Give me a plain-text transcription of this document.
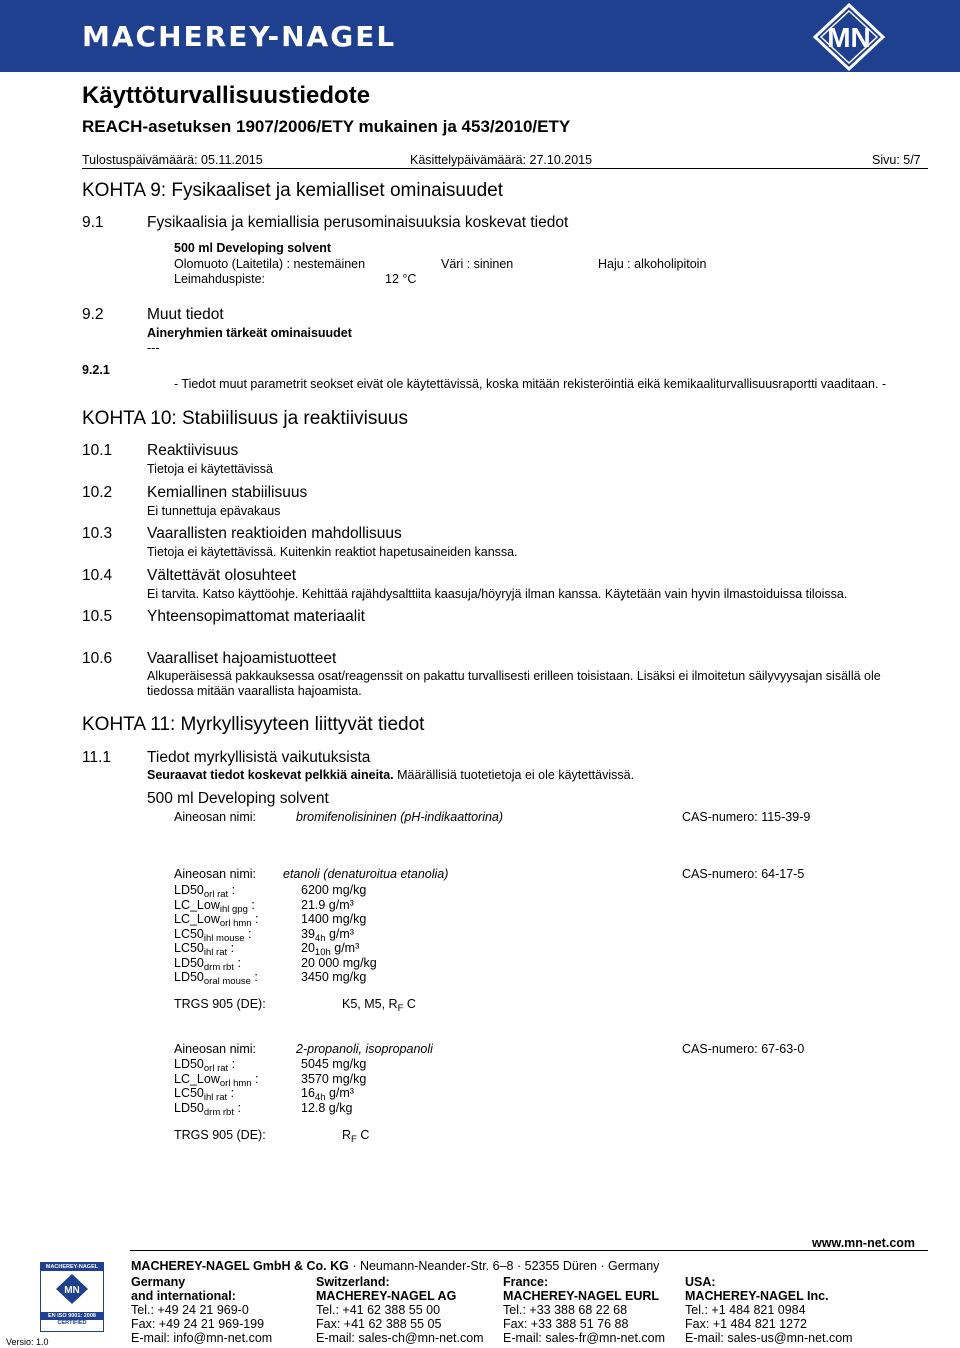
MACHEREY-NAGEL	MN
Käyttöturvallisuustiedote
REACH-asetuksen 1907/2006/ETY mukainen ja 453/2010/ETY
Tulostuspäivämäärä: 05.11.2015	Käsittelypäivämäärä: 27.10.2015	Sivu: 5/7
KOHTA 9: Fysikaaliset ja kemialliset ominaisuudet
9.1	Fysikaalisia ja kemiallisia perusominaisuuksia koskevat tiedot
500 ml Developing solvent
Olomuoto (Laitetila) : nestemäinen	Väri : sininen	Haju : alkoholipitoin
Leimahduspiste:	12 °C
9.2	Muut tiedot
Aineryhmien tärkeät ominaisuudet
---
9.2.1
- Tiedot muut parametrit seokset eivät ole käytettävissä, koska mitään rekisteröintiä eikä kemikaaliturvallisuusraportti vaaditaan. -
KOHTA 10: Stabiilisuus ja reaktiivisuus
10.1 Reaktiivisuus
Tietoja ei käytettävissä
10.2 Kemiallinen stabiilisuus
Ei tunnettuja epävakaus
10.3 Vaarallisten reaktioiden mahdollisuus
Tietoja ei käytettävissä. Kuitenkin reaktiot hapetusaineiden kanssa.
10.4 Vältettävät olosuhteet
Ei tarvita. Katso käyttöohje. Kehittää rajähdysalttiita kaasuja/höyryjä ilman kanssa. Käytetään vain hyvin ilmastoiduissa tiloissa.
10.5 Yhteensopimattomat materiaalit
10.6 Vaaralliset hajoamistuotteet
Alkuperäisessä pakkauksessa osat/reagenssit on pakattu turvallisesti erilleen toisistaan. Lisäksi ei ilmoitetun säilyvyysajan sisällä ole
tiedossa mitään vaarallista hajoamista.
KOHTA 11: Myrkyllisyyteen liittyvät tiedot
11.1 Tiedot myrkyllisistä vaikutuksista
Seuraavat tiedot koskevat pelkkiä aineita. Määrällisiä tuotetietoja ei ole käytettävissä.
500 ml Developing solvent
Aineosan nimi:	bromifenolisininen (pH-indikaattorina)	CAS-numero: 115-39-9
Aineosan nimi: etanoli (denaturoitua etanolia)	CAS-numero: 64-17-5
$LD50_{orl rat}$ :	6200 mg/kg
LC_Low$_{ihl gpg}$ :	21.9 g/m³
LC_Low$_{orl hmn}$ :	1400 mg/kg
$LC50_{ihl mouse}$ :	$39_{4h}$ g/m³
$LC50_{ihl rat}$ :	$20_{10h}$ g/m³
$LD50_{drm rbt}$ :	20 000 mg/kg
$LD50_{oral mouse}$ :	3450 mg/kg
TRGS 905 (DE):	K5, M5, $R_F$ C
Aineosan nimi:	2-propanoli, isopropanoli	CAS-numero: 67-63-0
$LD50_{orl rat}$ :	5045 mg/kg
LC_Low$_{orl hmn}$ :	3570 mg/kg
$LC50_{ihl rat}$ :	$16_{4h}$ g/m³
$LD50_{drm rbt}$ :	12.8 g/kg
TRGS 905 (DE):	$R_F$ C
www.mn-net.com
MACHEREY-NAGEL GmbH & Co. KG · Neumann-Neander-Str. 6–8 · 52355 Düren · Germany
MACHEREY-NAGEL
MN
EN ISO 9001: 2008
CERTIFIED
Versio: 1.0
Germany
and international:
Tel.: +49 24 21 969-0
Fax: +49 24 21 969-199
E-mail: info@mn-net.com
Switzerland:
MACHEREY-NAGEL AG
Tel.: +41 62 388 55 00
Fax: +41 62 388 55 05
E-mail: sales-ch@mn-net.com
France:
MACHEREY-NAGEL EURL
Tel.: +33 388 68 22 68
Fax: +33 388 51 76 88
E-mail: sales-fr@mn-net.com
USA:
MACHEREY-NAGEL Inc.
Tel.: +1 484 821 0984
Fax: +1 484 821 1272
E-mail: sales-us@mn-net.com
